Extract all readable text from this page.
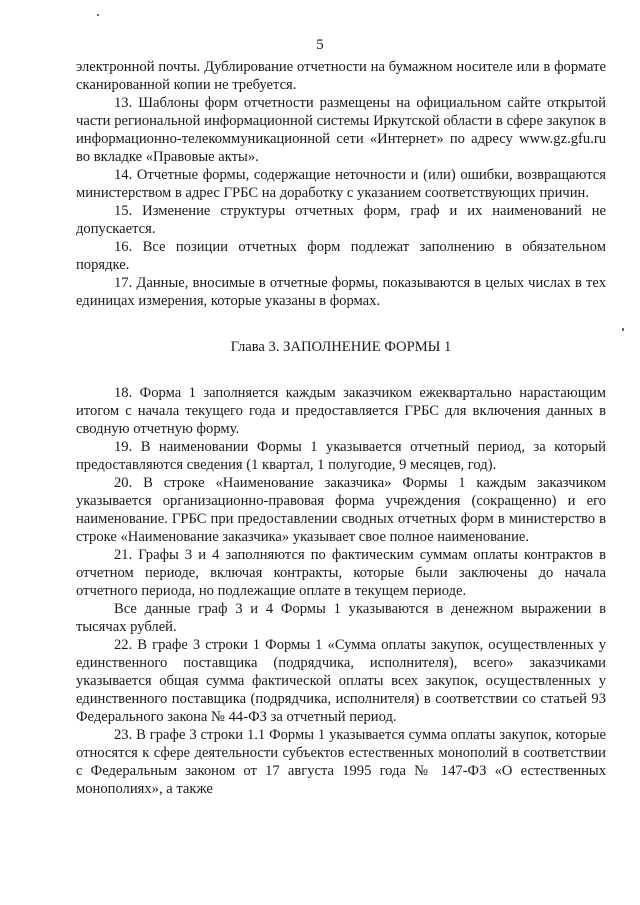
5

электронной почты. Дублирование отчетности на бумажном носителе или в формате сканированной копии не требуется.

13. Шаблоны форм отчетности размещены на официальном сайте открытой части региональной информационной системы Иркутской области в сфере закупок в информационно-телекоммуникационной сети «Интернет» по адресу www.gz.gfu.ru во вкладке «Правовые акты».

14. Отчетные формы, содержащие неточности и (или) ошибки, возвращаются министерством в адрес ГРБС на доработку с указанием соответствующих причин.

15. Изменение структуры отчетных форм, граф и их наименований не допускается.

16. Все позиции отчетных форм подлежат заполнению в обязательном порядке.

17. Данные, вносимые в отчетные формы, показываются в целых числах в тех единицах измерения, которые указаны в формах.

Глава 3. ЗАПОЛНЕНИЕ ФОРМЫ 1

18. Форма 1 заполняется каждым заказчиком ежеквартально нарастающим итогом с начала текущего года и предоставляется ГРБС для включения данных в сводную отчетную форму.

19. В наименовании Формы 1 указывается отчетный период, за который предоставляются сведения (1 квартал, 1 полугодие, 9 месяцев, год).

20. В строке «Наименование заказчика» Формы 1 каждым заказчиком указывается организационно-правовая форма учреждения (сокращенно) и его наименование. ГРБС при предоставлении сводных отчетных форм в министерство в строке «Наименование заказчика» указывает свое полное наименование.

21. Графы 3 и 4 заполняются по фактическим суммам оплаты контрактов в отчетном периоде, включая контракты, которые были заключены до начала отчетного периода, но подлежащие оплате в текущем периоде.

Все данные граф 3 и 4 Формы 1 указываются в денежном выражении в тысячах рублей.

22. В графе 3 строки 1 Формы 1 «Сумма оплаты закупок, осуществленных у единственного поставщика (подрядчика, исполнителя), всего» заказчиками указывается общая сумма фактической оплаты всех закупок, осуществленных у единственного поставщика (подрядчика, исполнителя) в соответствии со статьей 93 Федерального закона № 44-ФЗ за отчетный период.

23. В графе 3 строки 1.1 Формы 1 указывается сумма оплаты закупок, которые относятся к сфере деятельности субъектов естественных монополий в соответствии с Федеральным законом от 17 августа 1995 года № 147-ФЗ «О естественных монополиях», а также
